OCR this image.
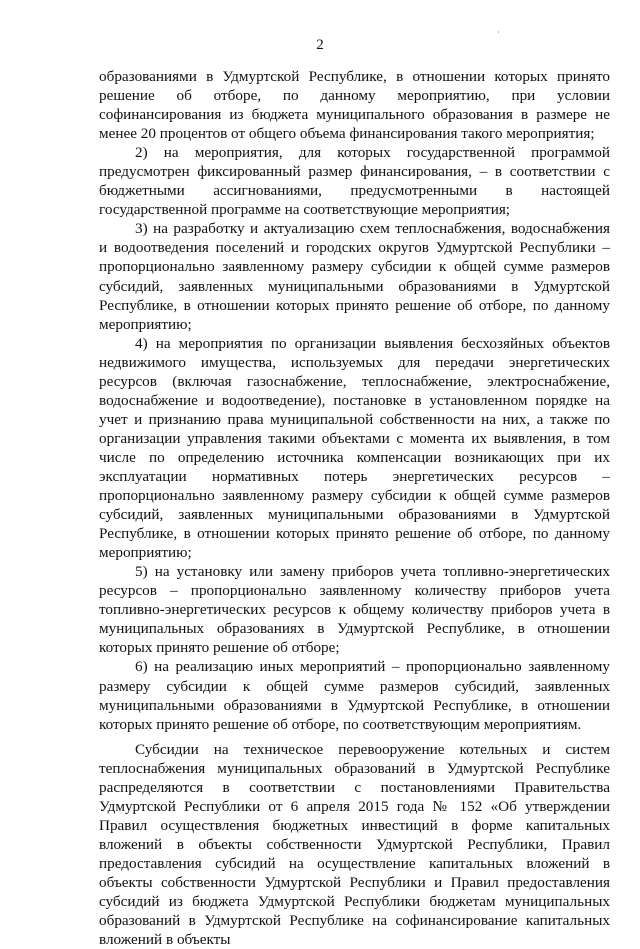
2
ʿ

образованиями в Удмуртской Республике, в отношении которых принято решение об отборе, по данному мероприятию, при условии софинансирования из бюджета муниципального образования в размере не менее 20 процентов от общего объема финансирования такого мероприятия;

2) на мероприятия, для которых государственной программой предусмотрен фиксированный размер финансирования, – в соответствии с бюджетными ассигнованиями, предусмотренными в настоящей государственной программе на соответствующие мероприятия;

3) на разработку и актуализацию схем теплоснабжения, водоснабжения и водоотведения поселений и городских округов Удмуртской Республики – пропорционально заявленному размеру субсидии к общей сумме размеров субсидий, заявленных муниципальными образованиями в Удмуртской Республике, в отношении которых принято решение об отборе, по данному мероприятию;

4) на мероприятия по организации выявления бесхозяйных объектов недвижимого имущества, используемых для передачи энергетических ресурсов (включая газоснабжение, теплоснабжение, электроснабжение, водоснабжение и водоотведение), постановке в установленном порядке на учет и признанию права муниципальной собственности на них, а также по организации управления такими объектами с момента их выявления, в том числе по определению источника компенсации возникающих при их эксплуатации нормативных потерь энергетических ресурсов – пропорционально заявленному размеру субсидии к общей сумме размеров субсидий, заявленных муниципальными образованиями в Удмуртской Республике, в отношении которых принято решение об отборе, по данному мероприятию;

5) на установку или замену приборов учета топливно-энергетических ресурсов – пропорционально заявленному количеству приборов учета топливно-энергетических ресурсов к общему количеству приборов учета в муниципальных образованиях в Удмуртской Республике, в отношении которых принято решение об отборе;

6) на реализацию иных мероприятий – пропорционально заявленному размеру субсидии к общей сумме размеров субсидий, заявленных муниципальными образованиями в Удмуртской Республике, в отношении которых принято решение об отборе, по соответствующим мероприятиям.

Субсидии на техническое перевооружение котельных и систем теплоснабжения муниципальных образований в Удмуртской Республике распределяются в соответствии с постановлениями Правительства Удмуртской Республики от 6 апреля 2015 года № 152 «Об утверждении Правил осуществления бюджетных инвестиций в форме капитальных вложений в объекты собственности Удмуртской Республики, Правил предоставления субсидий на осуществление капитальных вложений в объекты собственности Удмуртской Республики и Правил предоставления субсидий из бюджета Удмуртской Республики бюджетам муниципальных образований в Удмуртской Республике на софинансирование капитальных вложений в объекты
